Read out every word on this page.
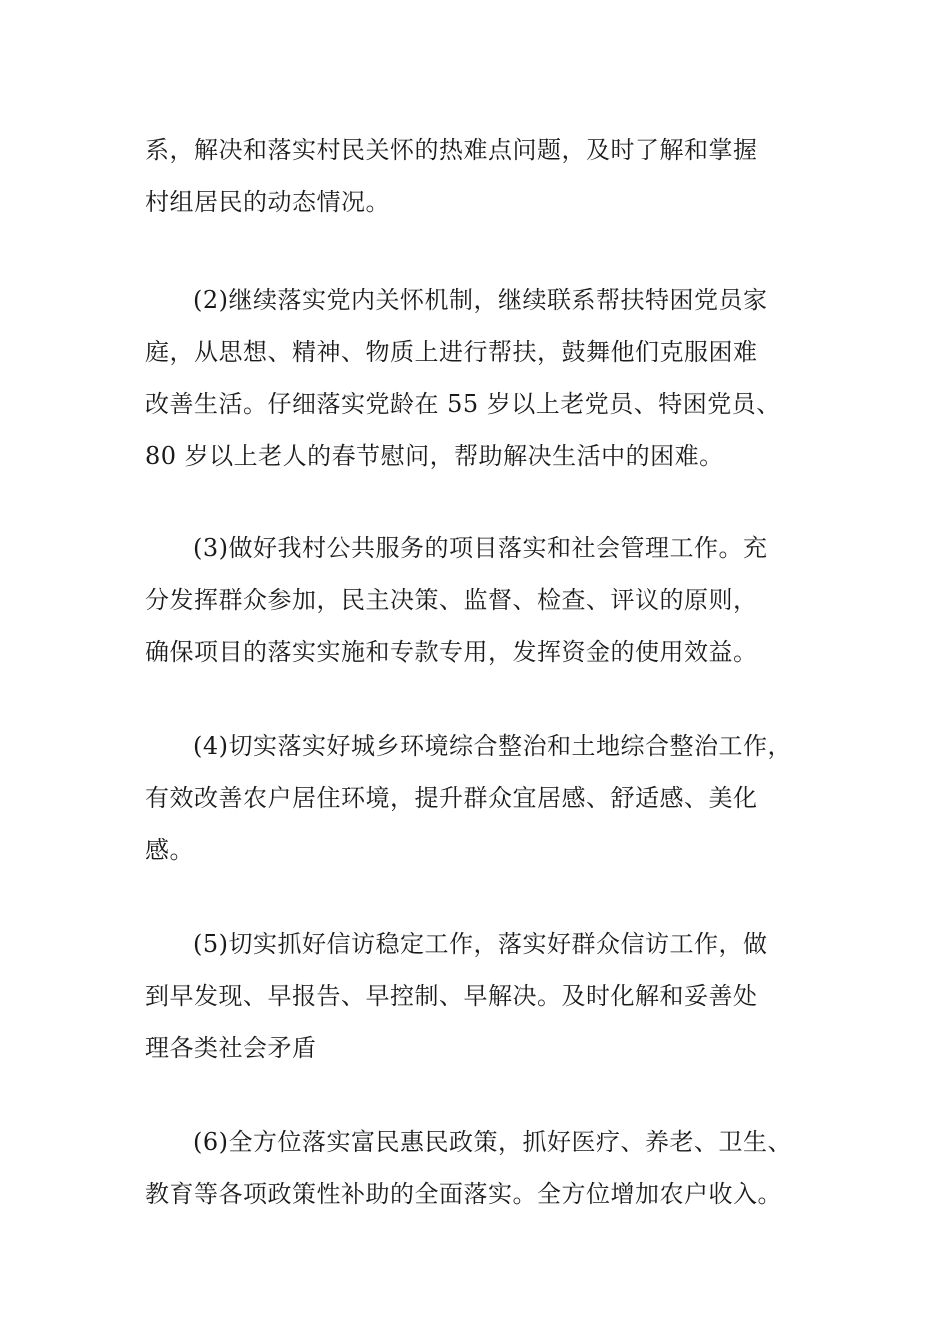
系，解决和落实村民关怀的热难点问题，及时了解和掌握
村组居民的动态情况。

(2)继续落实党内关怀机制，继续联系帮扶特困党员家
庭，从思想、精神、物质上进行帮扶，鼓舞他们克服困难
改善生活。仔细落实党龄在 55 岁以上老党员、特困党员、
80 岁以上老人的春节慰问，帮助解决生活中的困难。

(3)做好我村公共服务的项目落实和社会管理工作。充
分发挥群众参加，民主决策、监督、检查、评议的原则，
确保项目的落实实施和专款专用，发挥资金的使用效益。

(4)切实落实好城乡环境综合整治和土地综合整治工作，
有效改善农户居住环境，提升群众宜居感、舒适感、美化
感。

(5)切实抓好信访稳定工作，落实好群众信访工作，做
到早发现、早报告、早控制、早解决。及时化解和妥善处
理各类社会矛盾

(6)全方位落实富民惠民政策，抓好医疗、养老、卫生、
教育等各项政策性补助的全面落实。全方位增加农户收入。
